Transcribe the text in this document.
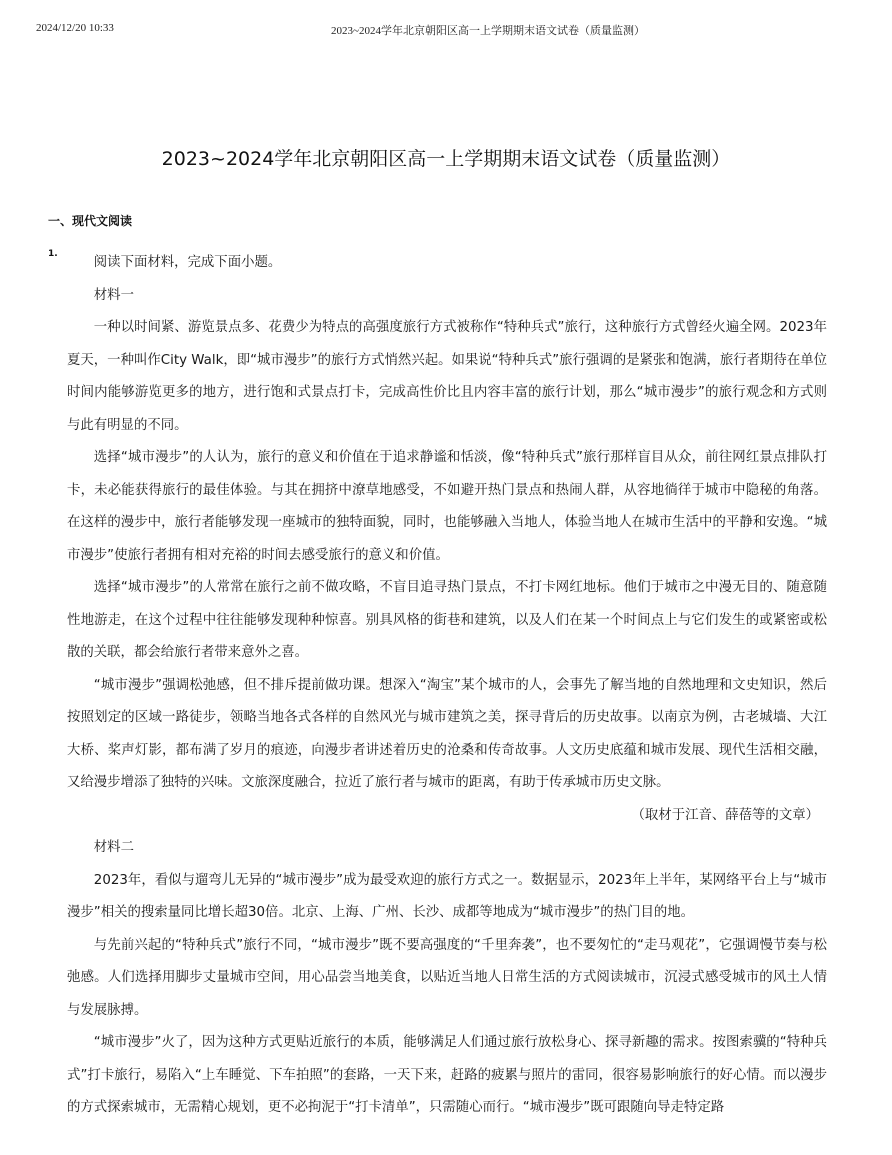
2024/12/20 10:33	2023~2024学年北京朝阳区高一上学期期末语文试卷（质量监测）
2023~2024学年北京朝阳区高一上学期期末语文试卷（质量监测）
一、现代文阅读
1.

阅读下面材料，完成下面小题。

材料一

一种以时间紧、游览景点多、花费少为特点的高强度旅行方式被称作“特种兵式”旅行，这种旅行方式曾经火遍全网。2023年夏天，一种叫作City Walk，即“城市漫步”的旅行方式悄然兴起。如果说“特种兵式”旅行强调的是紧张和饱满，旅行者期待在单位时间内能够游览更多的地方，进行饱和式景点打卡，完成高性价比且内容丰富的旅行计划，那么“城市漫步”的旅行观念和方式则与此有明显的不同。

选择“城市漫步”的人认为，旅行的意义和价值在于追求静谧和恬淡，像“特种兵式”旅行那样盲目从众，前往网红景点排队打卡，未必能获得旅行的最佳体验。与其在拥挤中潦草地感受，不如避开热门景点和热闹人群，从容地徜徉于城市中隐秘的角落。在这样的漫步中，旅行者能够发现一座城市的独特面貌，同时，也能够融入当地人，体验当地人在城市生活中的平静和安逸。“城市漫步”使旅行者拥有相对充裕的时间去感受旅行的意义和价值。

选择“城市漫步”的人常常在旅行之前不做攻略，不盲目追寻热门景点，不打卡网红地标。他们于城市之中漫无目的、随意随性地游走，在这个过程中往往能够发现种种惊喜。别具风格的街巷和建筑，以及人们在某一个时间点上与它们发生的或紧密或松散的关联，都会给旅行者带来意外之喜。

“城市漫步”强调松弛感，但不排斥提前做功课。想深入“淘宝”某个城市的人，会事先了解当地的自然地理和文史知识，然后按照划定的区域一路徒步，领略当地各式各样的自然风光与城市建筑之美，探寻背后的历史故事。以南京为例，古老城墙、大江大桥、桨声灯影，都布满了岁月的痕迹，向漫步者讲述着历史的沧桑和传奇故事。人文历史底蕴和城市发展、现代生活相交融，又给漫步增添了独特的兴味。文旅深度融合，拉近了旅行者与城市的距离，有助于传承城市历史文脉。

（取材于江音、薛蓓等的文章）

材料二

2023年，看似与遛弯儿无异的“城市漫步”成为最受欢迎的旅行方式之一。数据显示，2023年上半年，某网络平台上与“城市漫步”相关的搜索量同比增长超30倍。北京、上海、广州、长沙、成都等地成为“城市漫步”的热门目的地。

与先前兴起的“特种兵式”旅行不同，“城市漫步”既不要高强度的“千里奔袭”，也不要匆忙的“走马观花”，它强调慢节奏与松弛感。人们选择用脚步丈量城市空间，用心品尝当地美食，以贴近当地人日常生活的方式阅读城市，沉浸式感受城市的风土人情与发展脉搏。

“城市漫步”火了，因为这种方式更贴近旅行的本质，能够满足人们通过旅行放松身心、探寻新趣的需求。按图索骥的“特种兵式”打卡旅行，易陷入“上车睡觉、下车拍照”的套路，一天下来，赶路的疲累与照片的雷同，很容易影响旅行的好心情。而以漫步的方式探索城市，无需精心规划，更不必拘泥于“打卡清单”，只需随心而行。“城市漫步”既可跟随向导走特定路
